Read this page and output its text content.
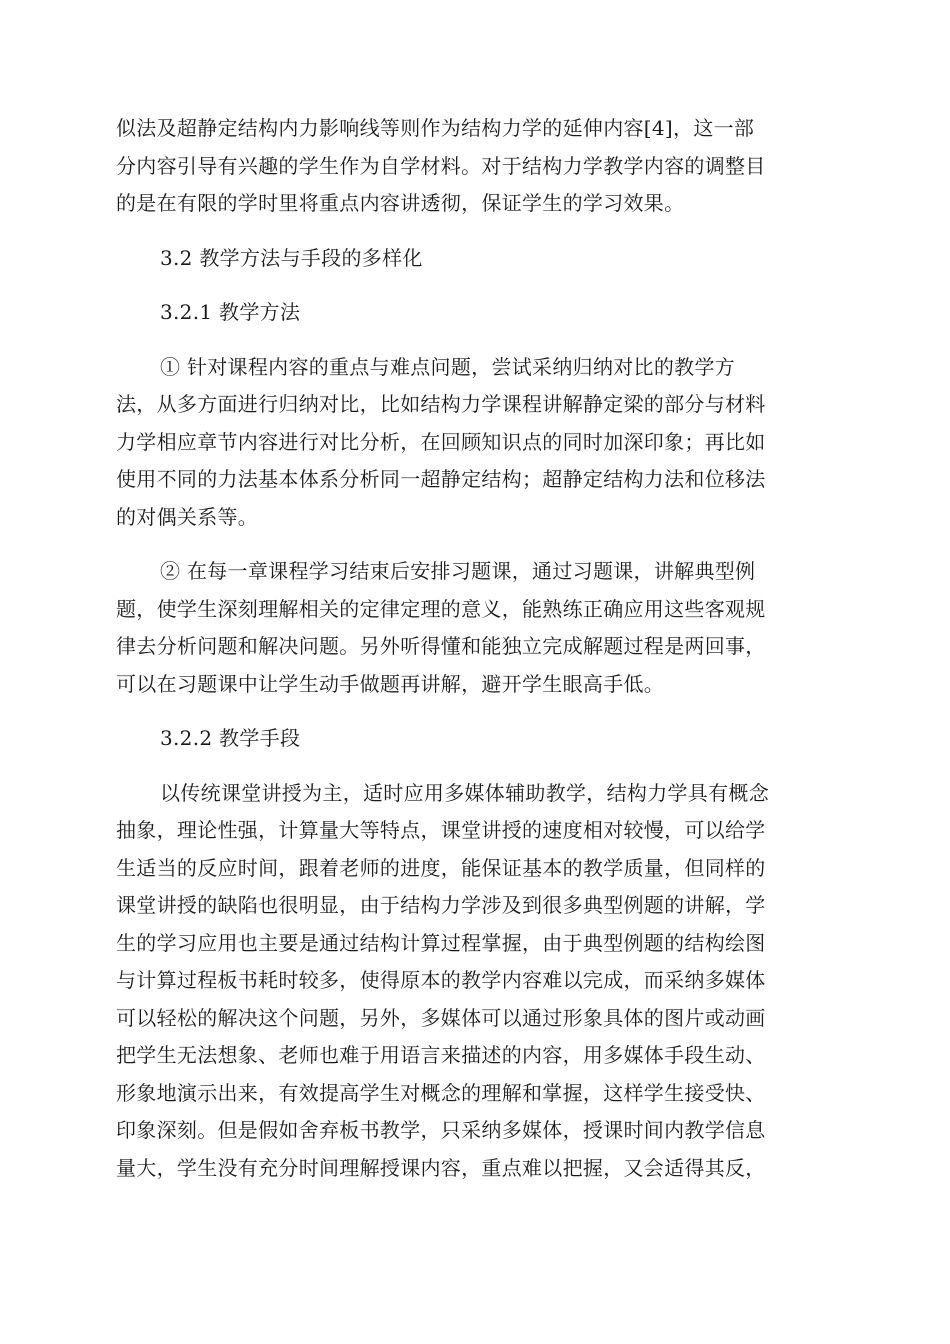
似法及超静定结构内力影响线等则作为结构力学的延伸内容[4]，这一部
分内容引导有兴趣的学生作为自学材料。对于结构力学教学内容的调整目
的是在有限的学时里将重点内容讲透彻，保证学生的学习效果。
3.2 教学方法与手段的多样化
3.2.1 教学方法
① 针对课程内容的重点与难点问题，尝试采纳归纳对比的教学方
法，从多方面进行归纳对比，比如结构力学课程讲解静定梁的部分与材料
力学相应章节内容进行对比分析，在回顾知识点的同时加深印象；再比如
使用不同的力法基本体系分析同一超静定结构；超静定结构力法和位移法
的对偶关系等。
② 在每一章课程学习结束后安排习题课，通过习题课，讲解典型例
题，使学生深刻理解相关的定律定理的意义，能熟练正确应用这些客观规
律去分析问题和解决问题。另外听得懂和能独立完成解题过程是两回事，
可以在习题课中让学生动手做题再讲解，避开学生眼高手低。
3.2.2 教学手段
以传统课堂讲授为主，适时应用多媒体辅助教学，结构力学具有概念
抽象，理论性强，计算量大等特点，课堂讲授的速度相对较慢，可以给学
生适当的反应时间，跟着老师的进度，能保证基本的教学质量，但同样的
课堂讲授的缺陷也很明显，由于结构力学涉及到很多典型例题的讲解，学
生的学习应用也主要是通过结构计算过程掌握，由于典型例题的结构绘图
与计算过程板书耗时较多，使得原本的教学内容难以完成，而采纳多媒体
可以轻松的解决这个问题，另外，多媒体可以通过形象具体的图片或动画
把学生无法想象、老师也难于用语言来描述的内容，用多媒体手段生动、
形象地演示出来，有效提高学生对概念的理解和掌握，这样学生接受快、
印象深刻。但是假如舍弃板书教学，只采纳多媒体，授课时间内教学信息
量大，学生没有充分时间理解授课内容，重点难以把握，又会适得其反，
